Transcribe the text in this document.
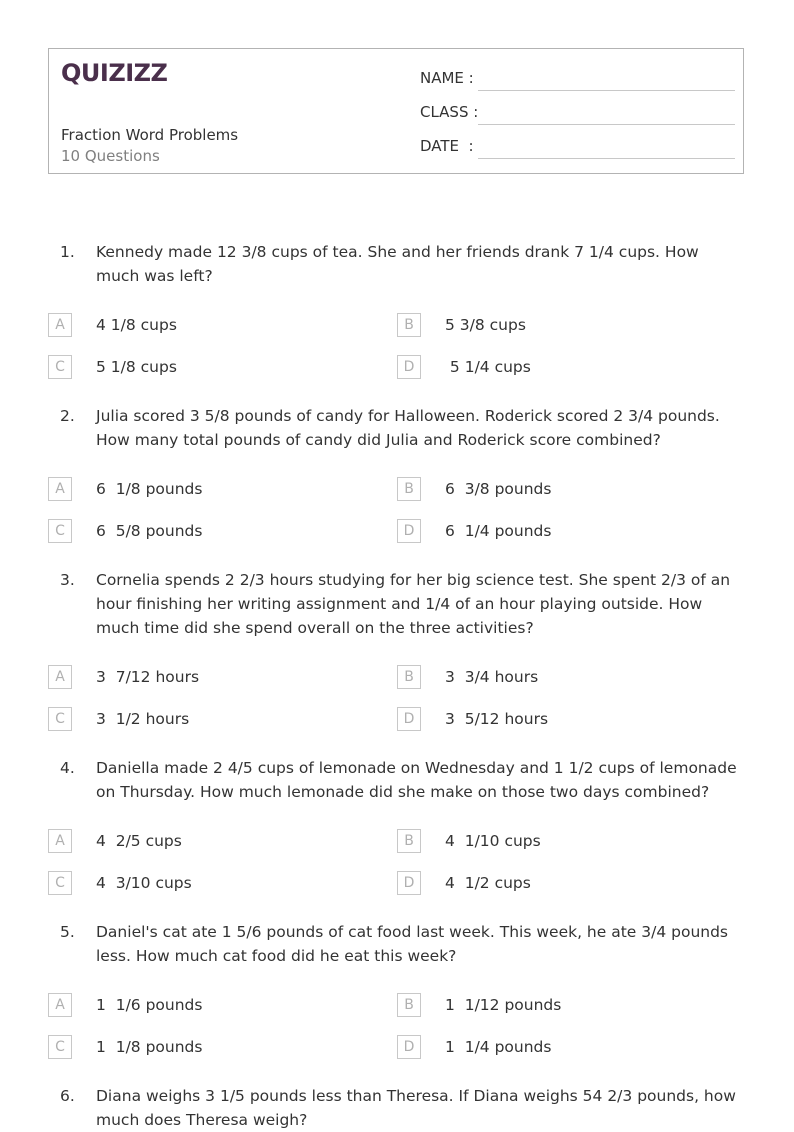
QUIZIZZ
Fraction Word Problems
10 Questions
NAME :
CLASS :
DATE  :
1. Kennedy made 12 3/8 cups of tea. She and her friends drank 7 1/4 cups. How much was left?
A	4 1/8 cups	B	5 3/8 cups
C	5 1/8 cups	D	5 1/4 cups
2. Julia scored 3 5/8 pounds of candy for Halloween. Roderick scored 2 3/4 pounds. How many total pounds of candy did Julia and Roderick score combined?
A	6  1/8 pounds	B	6  3/8 pounds
C	6  5/8 pounds	D	6  1/4 pounds
3. Cornelia spends 2 2/3 hours studying for her big science test. She spent 2/3 of an hour finishing her writing assignment and 1/4 of an hour playing outside. How much time did she spend overall on the three activities?
A	3  7/12 hours	B	3  3/4 hours
C	3  1/2 hours	D	3  5/12 hours
4. Daniella made 2 4/5 cups of lemonade on Wednesday and 1 1/2 cups of lemonade on Thursday. How much lemonade did she make on those two days combined?
A	4  2/5 cups	B	4  1/10 cups
C	4  3/10 cups	D	4  1/2 cups
5. Daniel's cat ate 1 5/6 pounds of cat food last week. This week, he ate 3/4 pounds less. How much cat food did he eat this week?
A	1  1/6 pounds	B	1  1/12 pounds
C	1  1/8 pounds	D	1  1/4 pounds
6. Diana weighs 3 1/5 pounds less than Theresa. If Diana weighs 54 2/3 pounds, how much does Theresa weigh?
